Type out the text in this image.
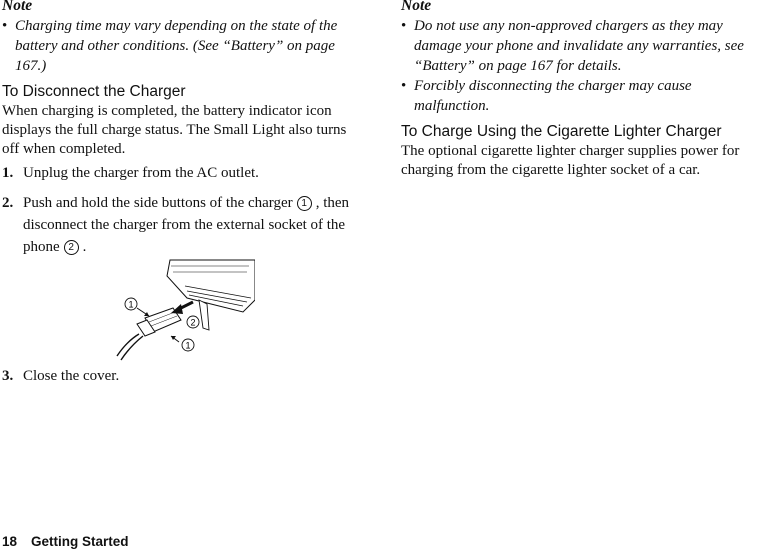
Note

• Charging time may vary depending on the state of the battery and other conditions. (See “Battery” on page 167.)
To Disconnect the Charger

When charging is completed, the battery indicator icon displays the full charge status. The Small Light also turns off when completed.

1. Unplug the charger from the AC outlet.
2. Push and hold the side buttons of the charger 1 , then disconnect the charger from the external socket of the phone 2 .
1
2
1
3. Close the cover.

Note

• Do not use any non-approved chargers as they may damage your phone and invalidate any warranties, see “Battery” on page 167 for details.
• Forcibly disconnecting the charger may cause malfunction.
To Charge Using the Cigarette Lighter Charger

The optional cigarette lighter charger supplies power for charging from the cigarette lighter socket of a car.

18 Getting Started
